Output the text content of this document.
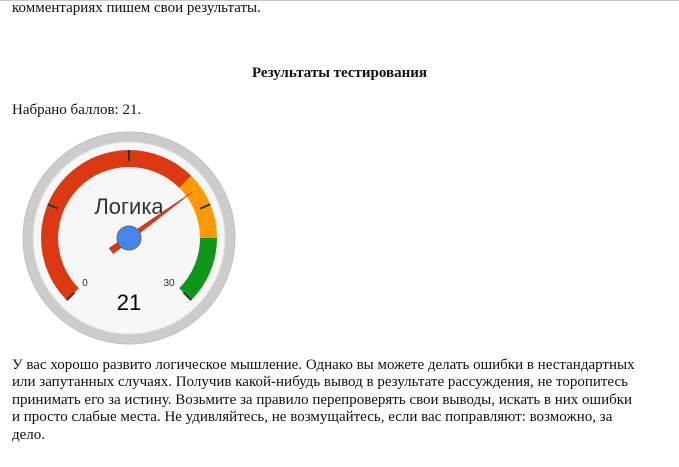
комментариях пишем свои результаты.
Результаты тестирования
Набрано баллов: 21.
Логика
0	30
21
У вас хорошо развито логическое мышление. Однако вы можете делать ошибки в нестандартных или запутанных случаях. Получив какой-нибудь вывод в результате рассуждения, не торопитесь принимать его за истину. Возьмите за правило перепроверять свои выводы, искать в них ошибки и просто слабые места. Не удивляйтесь, не возмущайтесь, если вас поправляют: возможно, за дело.
